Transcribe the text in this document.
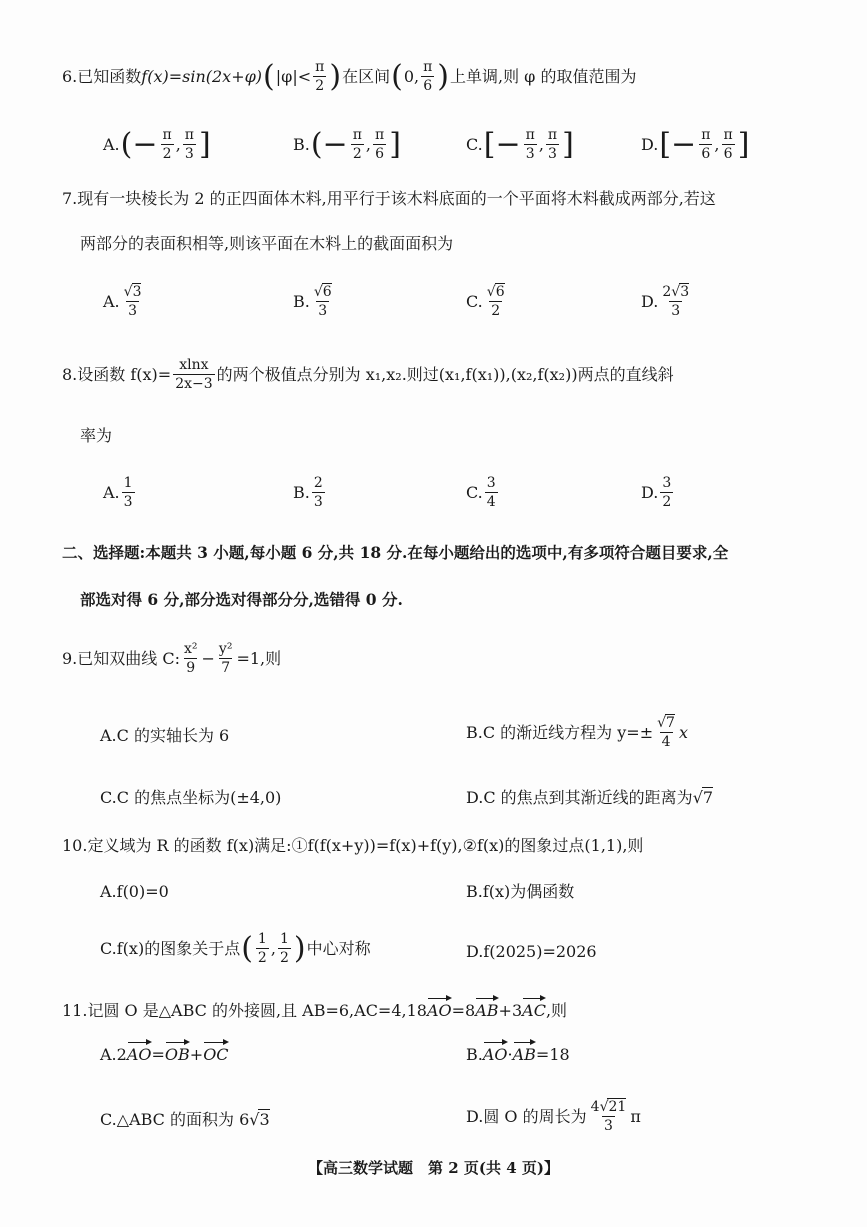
6.已知函数 f(x)=sin(2x+φ) ( |φ|< π
2 ) 在区间 ( 0, π
6 ) 上单调,则 φ 的取值范围为
A. (− $\frac{\pi}{2}$ , π
3 ]	B. (− $\frac{\pi}{2}$ , π
6 ]	C. [− $\frac{\pi}{3}$ , π
3 ]	D. [− $\frac{\pi}{6}$ , π
6 ]
7.现有一块棱长为 2 的正四面体木料,用平行于该木料底面的一个平面将木料截成两部分,若这
两部分的表面积相等,则该平面在木料上的截面面积为
A. √3
3
B. √6
3
C. √6
2
D. 2√3
3
8.设函数 $f(x)= \frac{xlnx}{2x-3}$ 的两个极值点分别为 x₁,x₂.则过(x₁,f(x₁)),(x₂,f(x₂))两点的直线斜
率为
A. 1
3
B. 2
3
C. 3
4
D. 3
2
二、选择题:本题共 3 小题,每小题 6 分,共 18 分.在每小题给出的选项中,有多项符合题目要求,全
部选对得 6 分,部分选对得部分分,选错得 0 分.
9.已知双曲线 C: x²
9
− $\frac{\text{y²}}{7} =1$,则
A.C 的实轴长为 6	B.C 的渐近线方程为 $y=\pm \frac{√7}{4}$ x
C.C 的焦点坐标为(±4,0)	D.C 的焦点到其渐近线的距离为 √7
10.定义域为 R 的函数 f(x)满足:①f(f(x+y))=f(x)+f(y),②f(x)的图象过点(1,1),则
A.f(0)=0	B.f(x)为偶函数
C.f(x)的图象关于点 ( 1
2
, 1
2 ) 中心对称	D.f(2025)=2026
11.记圆 O 是△ABC 的外接圆,且 AB=6,AC=4,18 AO =8 AB +3 AC ,则
A.2 AO = OB + OC	B. AO · AB =18
C.△ABC 的面积为 6 √3	D.圆 O 的周长为 4√21
3
π
【高三数学试题　第 2 页(共 4 页)】
